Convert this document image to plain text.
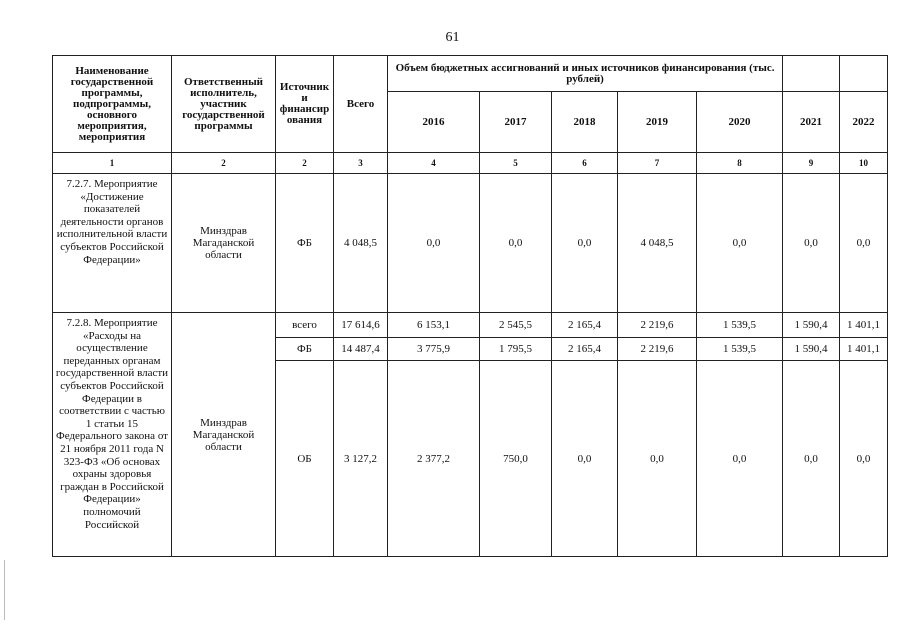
61
Наименование государственной программы, подпрограммы, основного мероприятия, мероприятия	Ответственный исполнитель, участник государственной программы	Источник и финансир ования	Всего	Объем бюджетных ассигнований и иных источников финансирования (тыс. рублей)						
				2016	2017	2018	2019	2020	2021	2022
1	2	2	3	4	5	6	7	8	9	10
7.2.7. Мероприятие «Достижение показателей деятельности органов исполнительной власти субъектов Российской Федерации»	Минздрав Магаданской области	ФБ	4 048,5	0,0	0,0	0,0	4 048,5	0,0	0,0	0,0
7.2.8. Мероприятие «Расходы на осуществление переданных органам государственной власти субъектов Российской Федерации в соответствии с частью 1 статьи 15 Федерального закона от 21 ноября 2011 года N 323-ФЗ «Об основах охраны здоровья граждан в Российской Федерации» полномочий Российской	Минздрав Магаданской области	всего	17 614,6	6 153,1	2 545,5	2 165,4	2 219,6	1 539,5	1 590,4	1 401,1
		ФБ	14 487,4	3 775,9	1 795,5	2 165,4	2 219,6	1 539,5	1 590,4	1 401,1
		ОБ	3 127,2	2 377,2	750,0	0,0	0,0	0,0	0,0	0,0
